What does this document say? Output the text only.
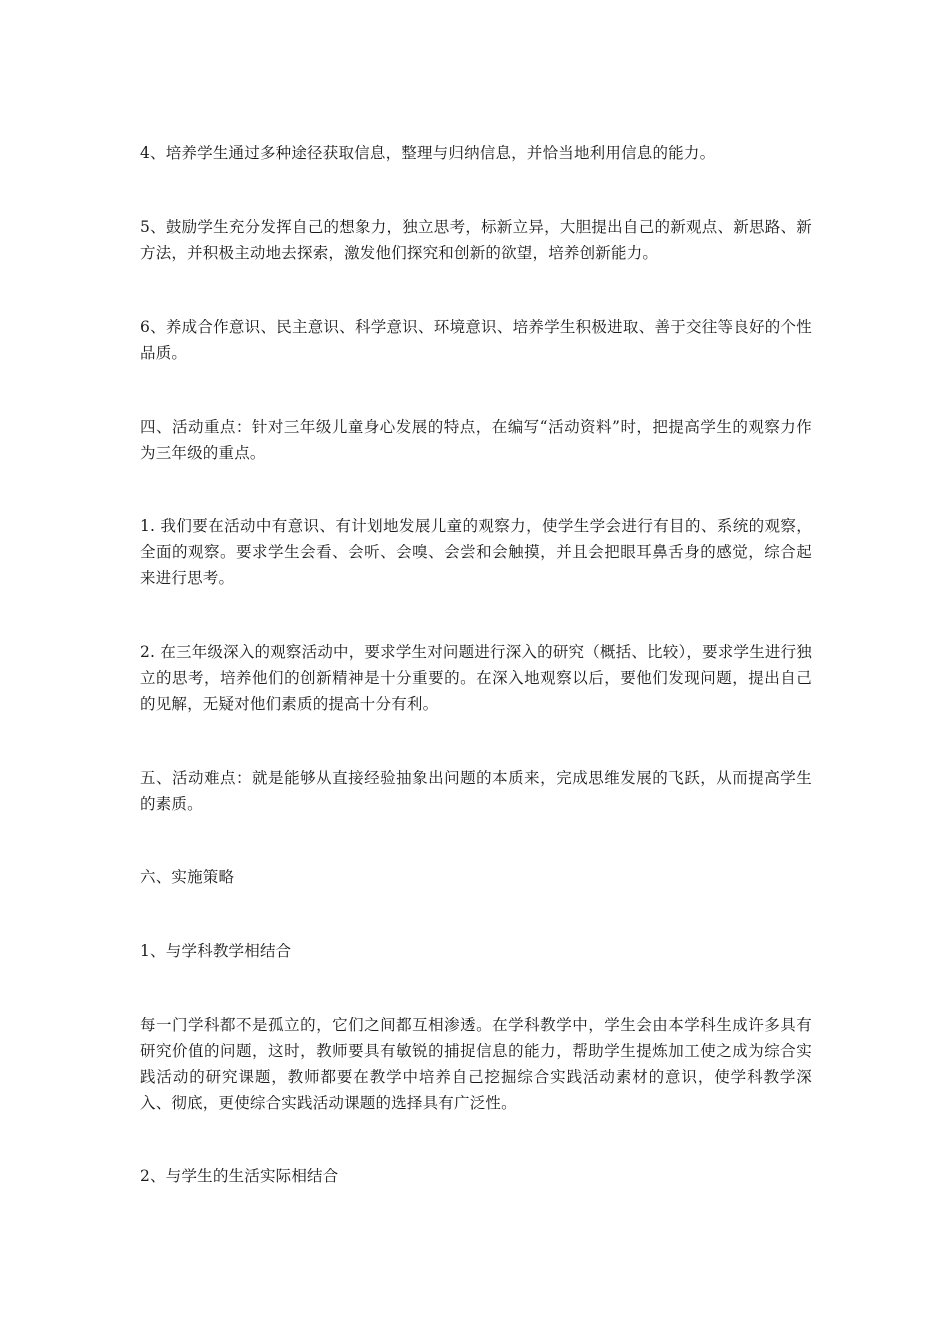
4、培养学生通过多种途径获取信息，整理与归纳信息，并恰当地利用信息的能力。

5、鼓励学生充分发挥自己的想象力，独立思考，标新立异，大胆提出自己的新观点、新思路、新方法，并积极主动地去探索，激发他们探究和创新的欲望，培养创新能力。

6、养成合作意识、民主意识、科学意识、环境意识、培养学生积极进取、善于交往等良好的个性品质。

四、活动重点：针对三年级儿童身心发展的特点，在编写“活动资料”时，把提高学生的观察力作为三年级的重点。

1. 我们要在活动中有意识、有计划地发展儿童的观察力，使学生学会进行有目的、系统的观察，全面的观察。要求学生会看、会听、会嗅、会尝和会触摸，并且会把眼耳鼻舌身的感觉，综合起来进行思考。

2. 在三年级深入的观察活动中，要求学生对问题进行深入的研究（概括、比较），要求学生进行独立的思考，培养他们的创新精神是十分重要的。在深入地观察以后，要他们发现问题，提出自己的见解，无疑对他们素质的提高十分有利。

五、活动难点：就是能够从直接经验抽象出问题的本质来，完成思维发展的飞跃，从而提高学生的素质。

六、实施策略

1、与学科教学相结合

每一门学科都不是孤立的，它们之间都互相渗透。在学科教学中，学生会由本学科生成许多具有研究价值的问题，这时，教师要具有敏锐的捕捉信息的能力，帮助学生提炼加工使之成为综合实践活动的研究课题，教师都要在教学中培养自己挖掘综合实践活动素材的意识，使学科教学深入、彻底，更使综合实践活动课题的选择具有广泛性。

2、与学生的生活实际相结合
